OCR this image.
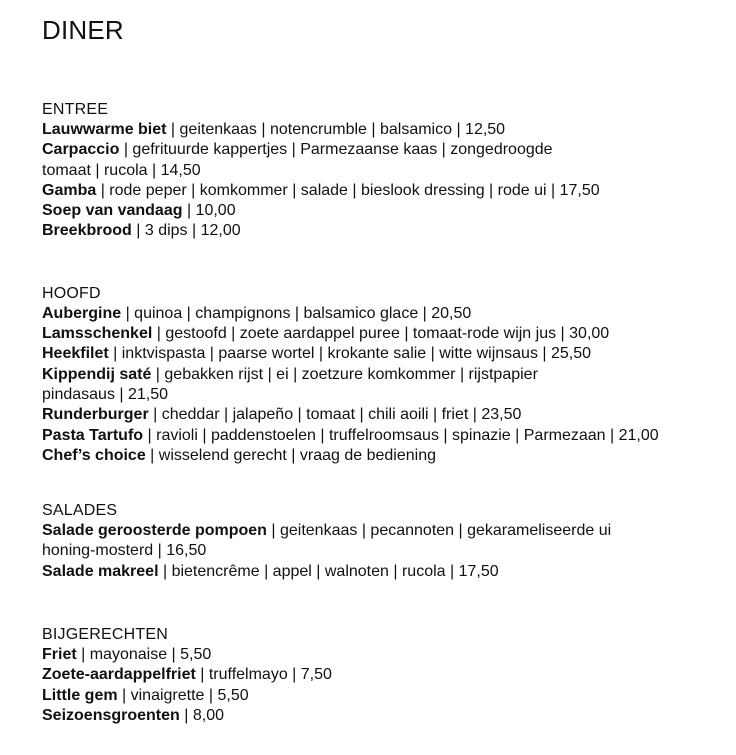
DINER
ENTREE

Lauwwarme biet | geitenkaas | notencrumble | balsamico | 12,50

Carpaccio | gefrituurde kappertjes | Parmezaanse kaas | zongedroogde tomaat | rucola | 14,50

Gamba | rode peper | komkommer | salade | bieslook dressing | rode ui | 17,50

Soep van vandaag | 10,00

Breekbrood | 3 dips | 12,00

HOOFD

Aubergine | quinoa | champignons | balsamico glace | 20,50

Lamsschenkel | gestoofd | zoete aardappel puree | tomaat-rode wijn jus | 30,00

Heekfilet | inktvispasta | paarse wortel | krokante salie | witte wijnsaus | 25,50

Kippendij saté | gebakken rijst | ei | zoetzure komkommer | rijstpapier pindasaus | 21,50

Runderburger | cheddar | jalapeño | tomaat | chili aoili | friet | 23,50

Pasta Tartufo | ravioli | paddenstoelen | truffelroomsaus | spinazie | Parmezaan | 21,00

Chef’s choice | wisselend gerecht | vraag de bediening

SALADES

Salade geroosterde pompoen | geitenkaas | pecannoten | gekarameliseerde ui honing-mosterd | 16,50

Salade makreel | bietencrême | appel | walnoten | rucola | 17,50

BIJGERECHTEN

Friet | mayonaise | 5,50

Zoete-aardappelfriet | truffelmayo | 7,50

Little gem | vinaigrette | 5,50

Seizoensgroenten | 8,00
